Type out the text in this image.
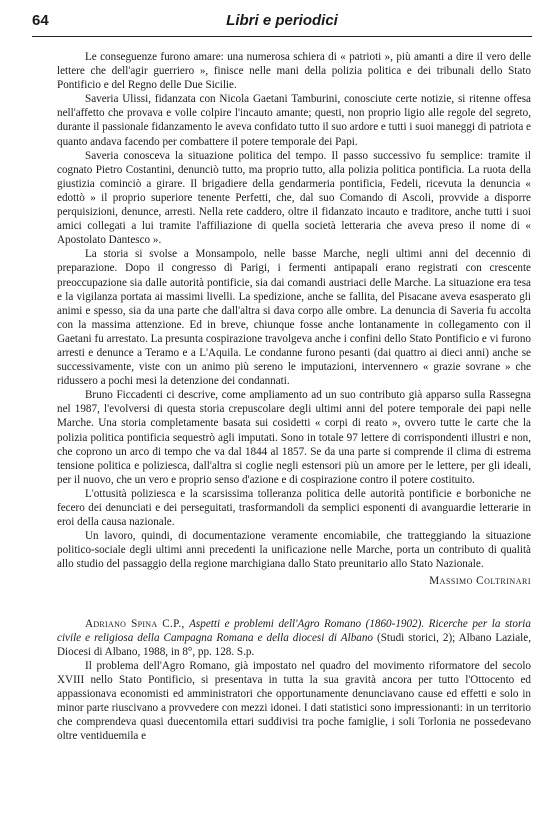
64	Libri e periodici

Le conseguenze furono amare: una numerosa schiera di « patrioti », più amanti a dire il vero delle lettere che dell'agir guerriero », finisce nelle mani della polizia politica e dei tribunali dello Stato Pontificio e del Regno delle Due Sicilie.

Saveria Ulissi, fidanzata con Nicola Gaetani Tamburini, conosciute certe notizie, si ritenne offesa nell'affetto che provava e volle colpire l'incauto amante; questi, non proprio ligio alle regole del segreto, durante il passionale fidanzamento le aveva confidato tutto il suo ardore e tutti i suoi maneggi di patriota e quanto andava facendo per combattere il potere temporale dei Papi.

Saveria conosceva la situazione politica del tempo. Il passo successivo fu semplice: tramite il cognato Pietro Costantini, denunciò tutto, ma proprio tutto, alla polizia politica pontificia. La ruota della giustizia cominciò a girare. Il brigadiere della gendarmeria pontificia, Fedeli, ricevuta la denuncia « edottò » il proprio superiore tenente Perfetti, che, dal suo Comando di Ascoli, provvide a disporre perquisizioni, denunce, arresti. Nella rete caddero, oltre il fidanzato incauto e traditore, anche tutti i suoi amici collegati a lui tramite l'affiliazione di quella società letteraria che aveva preso il nome di « Apostolato Dantesco ».

La storia si svolse a Monsampolo, nelle basse Marche, negli ultimi anni del decennio di preparazione. Dopo il congresso di Parigi, i fermenti antipapali erano registrati con crescente preoccupazione sia dalle autorità pontificie, sia dai comandi austriaci delle Marche. La situazione era tesa e la vigilanza portata ai massimi livelli. La spedizione, anche se fallita, del Pisacane aveva esasperato gli animi e spesso, sia da una parte che dall'altra si dava corpo alle ombre. La denuncia di Saveria fu accolta con la massima attenzione. Ed in breve, chiunque fosse anche lontanamente in collegamento con il Gaetani fu arrestato. La presunta cospirazione travolgeva anche i confini dello Stato Pontificio e vi furono arresti e denunce a Teramo e a L'Aquila. Le condanne furono pesanti (dai quattro ai dieci anni) anche se successivamente, viste con un animo più sereno le imputazioni, intervennero « grazie sovrane » che ridussero a pochi mesi la detenzione dei condannati.

Bruno Ficcadenti ci descrive, come ampliamento ad un suo contributo già apparso sulla Rassegna nel 1987, l'evolversi di questa storia crepuscolare degli ultimi anni del potere temporale dei papi nelle Marche. Una storia completamente basata sui cosidetti « corpi di reato », ovvero tutte le carte che la polizia politica pontificia sequestrò agli imputati. Sono in totale 97 lettere di corrispondenti illustri e non, che coprono un arco di tempo che va dal 1844 al 1857. Se da una parte si comprende il clima di estrema tensione politica e poliziesca, dall'altra si coglie negli estensori più un amore per le lettere, per gli ideali, per il nuovo, che un vero e proprio senso d'azione e di cospirazione contro il potere costituito.

L'ottusità poliziesca e la scarsissima tolleranza politica delle autorità pontificie e borboniche ne fecero dei denunciati e dei perseguitati, trasformandoli da semplici esponenti di avanguardie letterarie in eroi della causa nazionale.

Un lavoro, quindi, di documentazione veramente encomiabile, che tratteggiando la situazione politico-sociale degli ultimi anni precedenti la unificazione nelle Marche, porta un contributo di qualità allo studio del passaggio della regione marchigiana dallo Stato preunitario allo Stato Nazionale.

Massimo Coltrinari

Adriano Spina C.P., Aspetti e problemi dell'Agro Romano (1860-1902). Ricerche per la storia civile e religiosa della Campagna Romana e della diocesi di Albano (Studi storici, 2); Albano Laziale, Diocesi di Albano, 1988, in 8°, pp. 128. S.p.

Il problema dell'Agro Romano, già impostato nel quadro del movimento riformatore del secolo XVIII nello Stato Pontificio, si presentava in tutta la sua gravità ancora per tutto l'Ottocento ed appassionava economisti ed amministratori che opportunamente denunciavano cause ed effetti e solo in minor parte riuscivano a provvedere con mezzi idonei. I dati statistici sono impressionanti: in un territorio che comprendeva quasi duecentomila ettari suddivisi tra poche famiglie, i soli Torlonia ne possedevano oltre ventiduemila e
